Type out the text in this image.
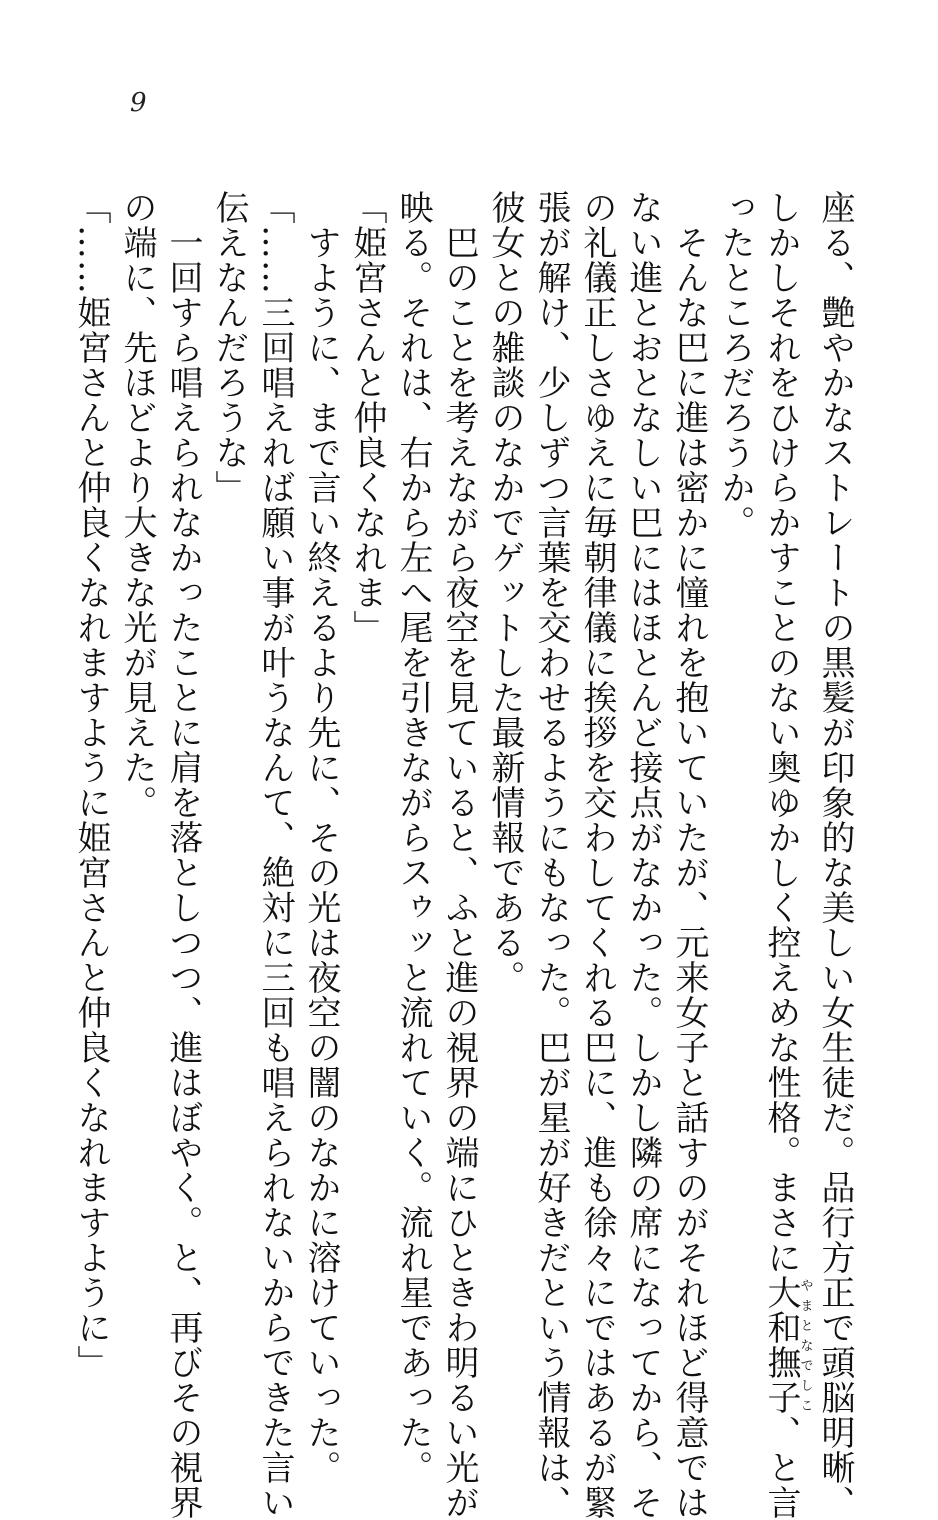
9
座る、艶やかなストレートの黒髪が印象的な美しい女生徒だ。品行方正で頭脳明晰、
しかしそれをひけらかすことのない奥ゆかしく控えめな性格。まさに大和撫子やまとなでしこ、と言
ったところだろうか。
　そんな巴に進は密かに憧れを抱いていたが、元来女子と話すのがそれほど得意では
ない進とおとなしい巴にはほとんど接点がなかった。しかし隣の席になってから、そ
の礼儀正しさゆえに毎朝律儀に挨拶を交わしてくれる巴に、進も徐々にではあるが緊
張が解け、少しずつ言葉を交わせるようにもなった。巴が星が好きだという情報は、
彼女との雑談のなかでゲットした最新情報である。
　巴のことを考えながら夜空を見ていると、ふと進の視界の端にひときわ明るい光が
映る。それは、右から左へ尾を引きながらスゥッと流れていく。流れ星であった。
「姫宮さんと仲良くなれま」
　すように、まで言い終えるより先に、その光は夜空の闇のなかに溶けていった。
「……三回唱えれば願い事が叶うなんて、絶対に三回も唱えられないからできた言い
伝えなんだろうな」
　一回すら唱えられなかったことに肩を落としつつ、進はぼやく。と、再びその視界
の端に、先ほどより大きな光が見えた。
「……姫宮さんと仲良くなれますように姫宮さんと仲良くなれますように」
